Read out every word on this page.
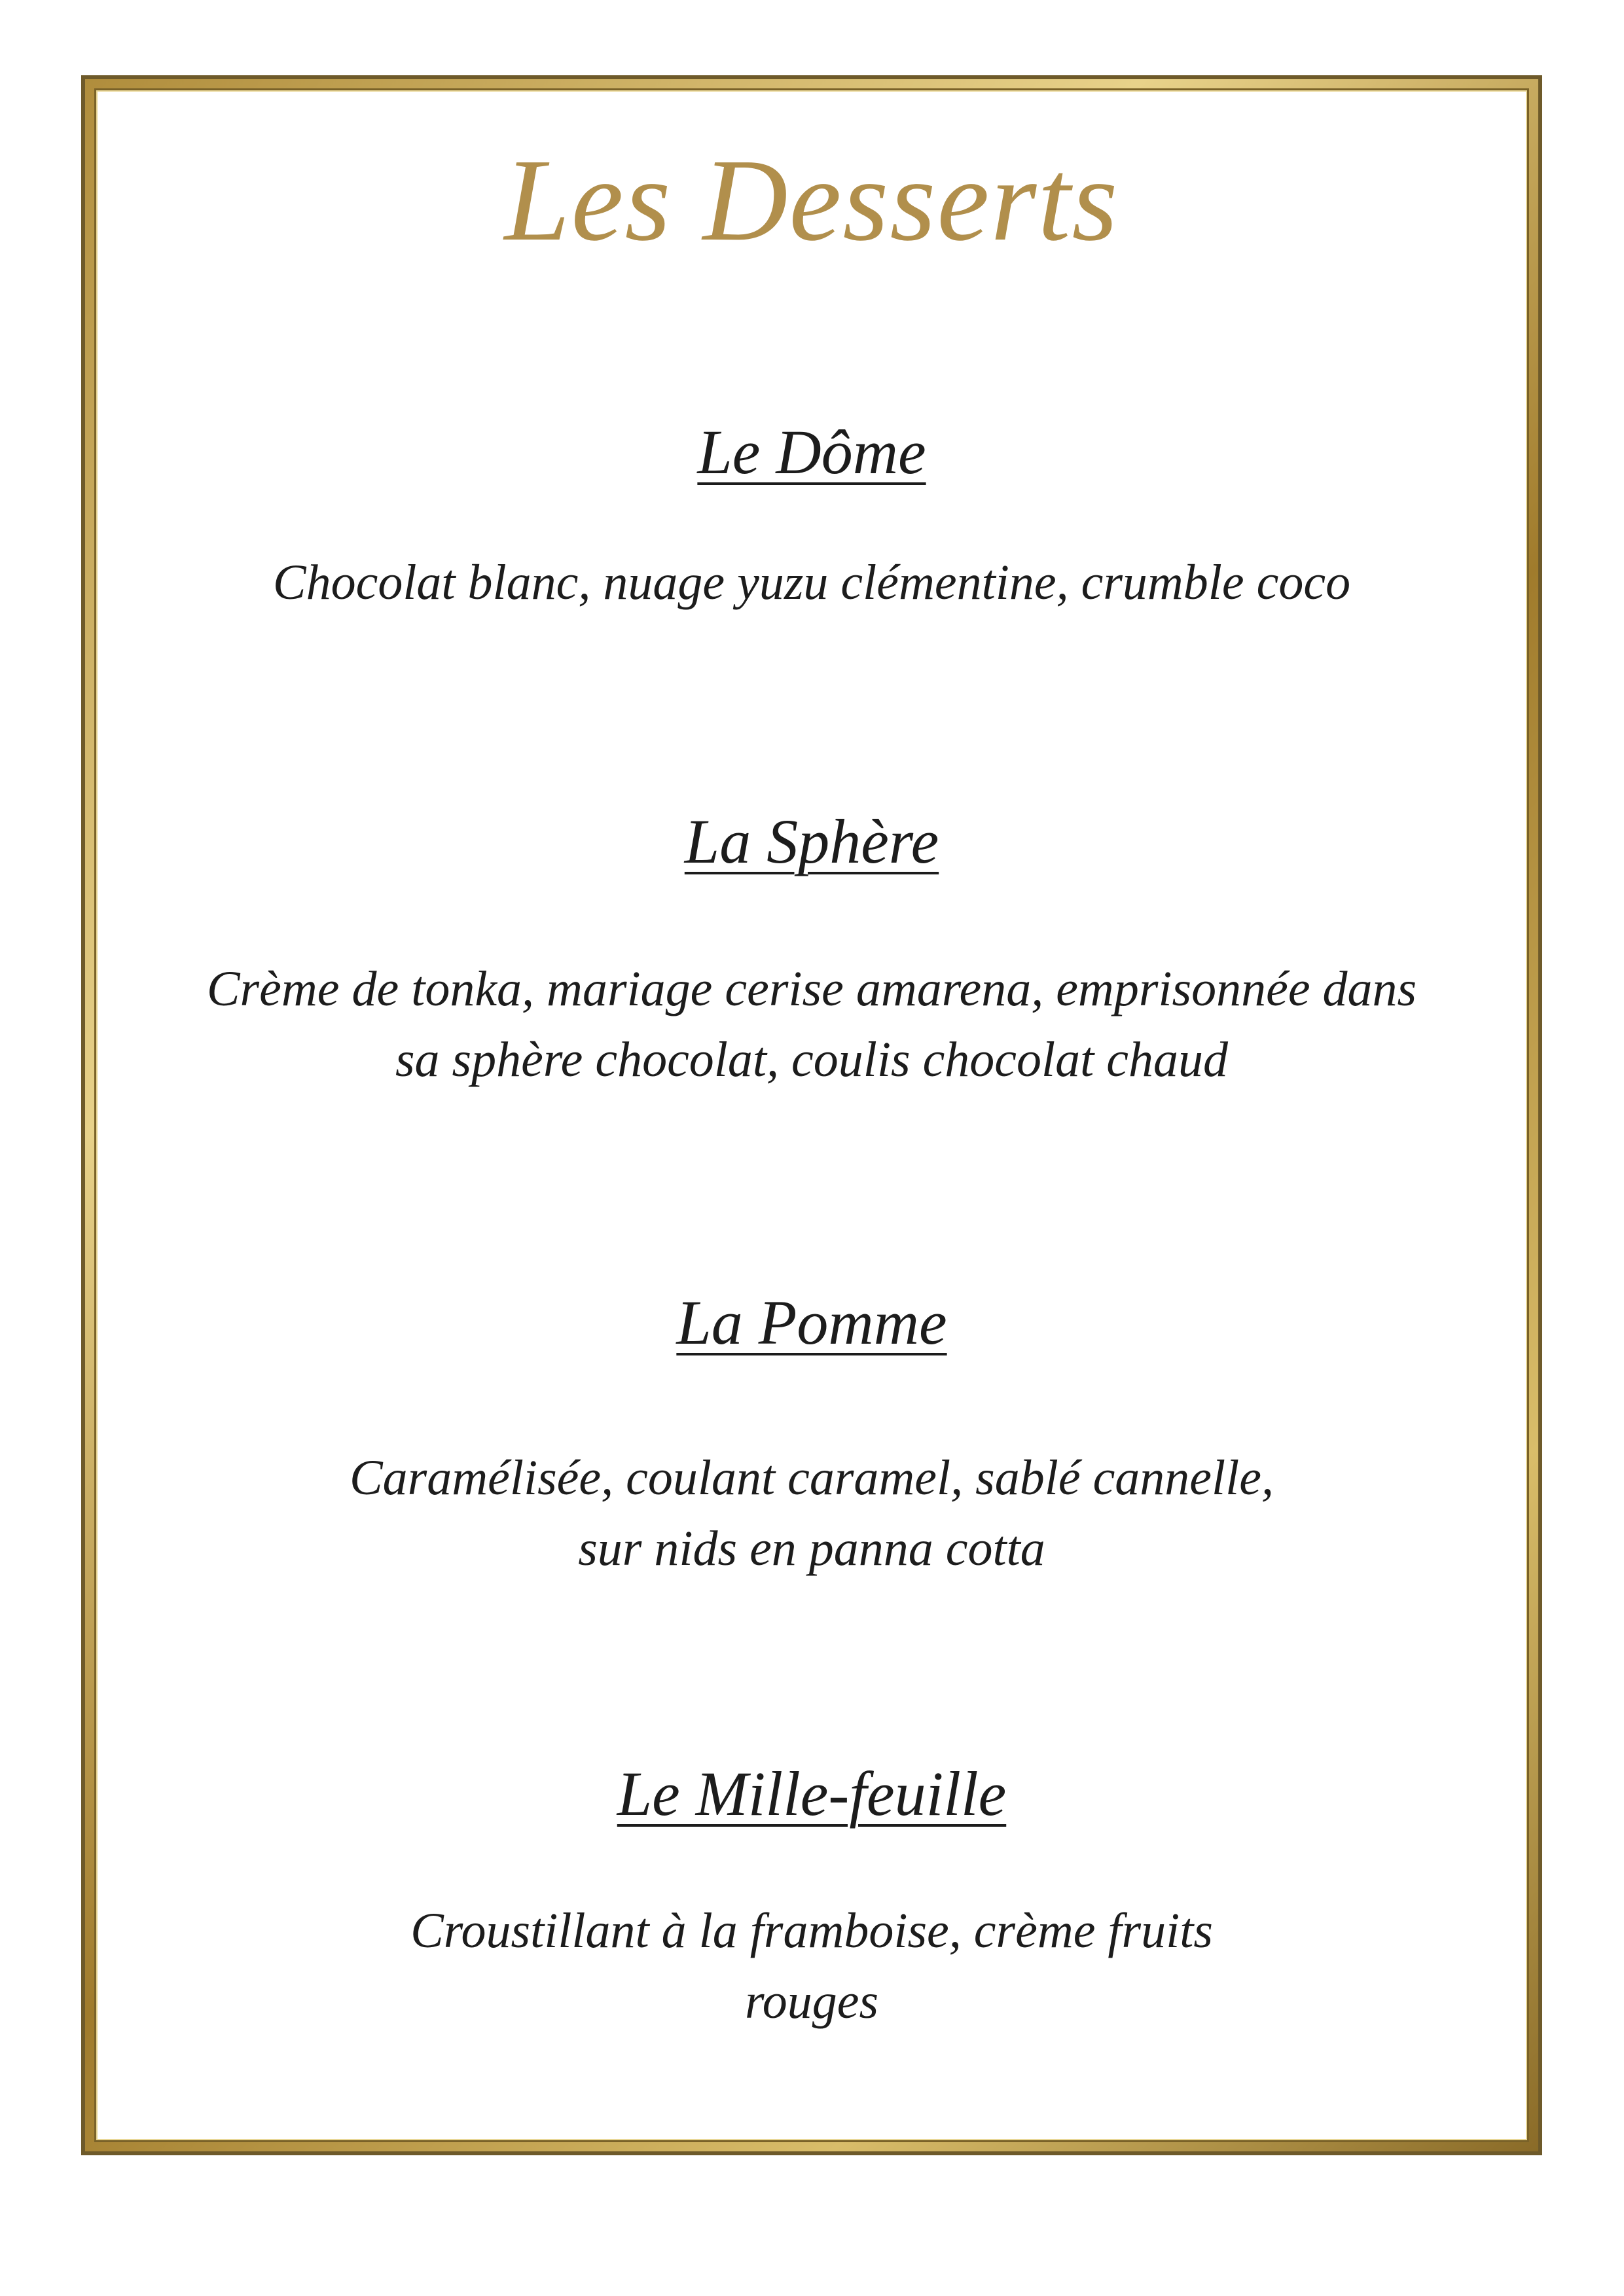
Les Desserts
Le Dôme
Chocolat blanc, nuage yuzu clémentine, crumble coco
La Sphère
Crème de tonka, mariage cerise amarena, emprisonnée dans
sa sphère chocolat, coulis chocolat chaud
La Pomme
Caramélisée, coulant caramel, sablé cannelle,
sur nids en panna cotta
Le Mille-feuille
Croustillant à la framboise, crème fruits
rouges
